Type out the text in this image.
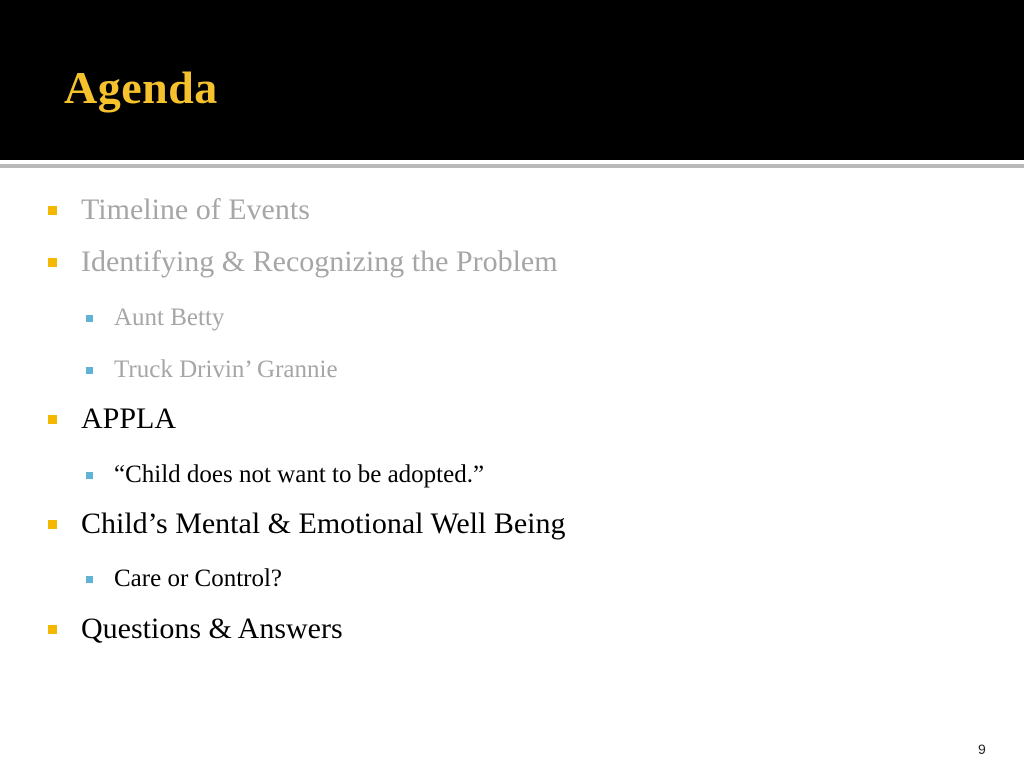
Agenda
Timeline of Events
Identifying & Recognizing the Problem
Aunt Betty
Truck Drivin’ Grannie
APPLA
“Child does not want to be adopted.”
Child’s Mental & Emotional Well Being
Care or Control?
Questions & Answers
9
